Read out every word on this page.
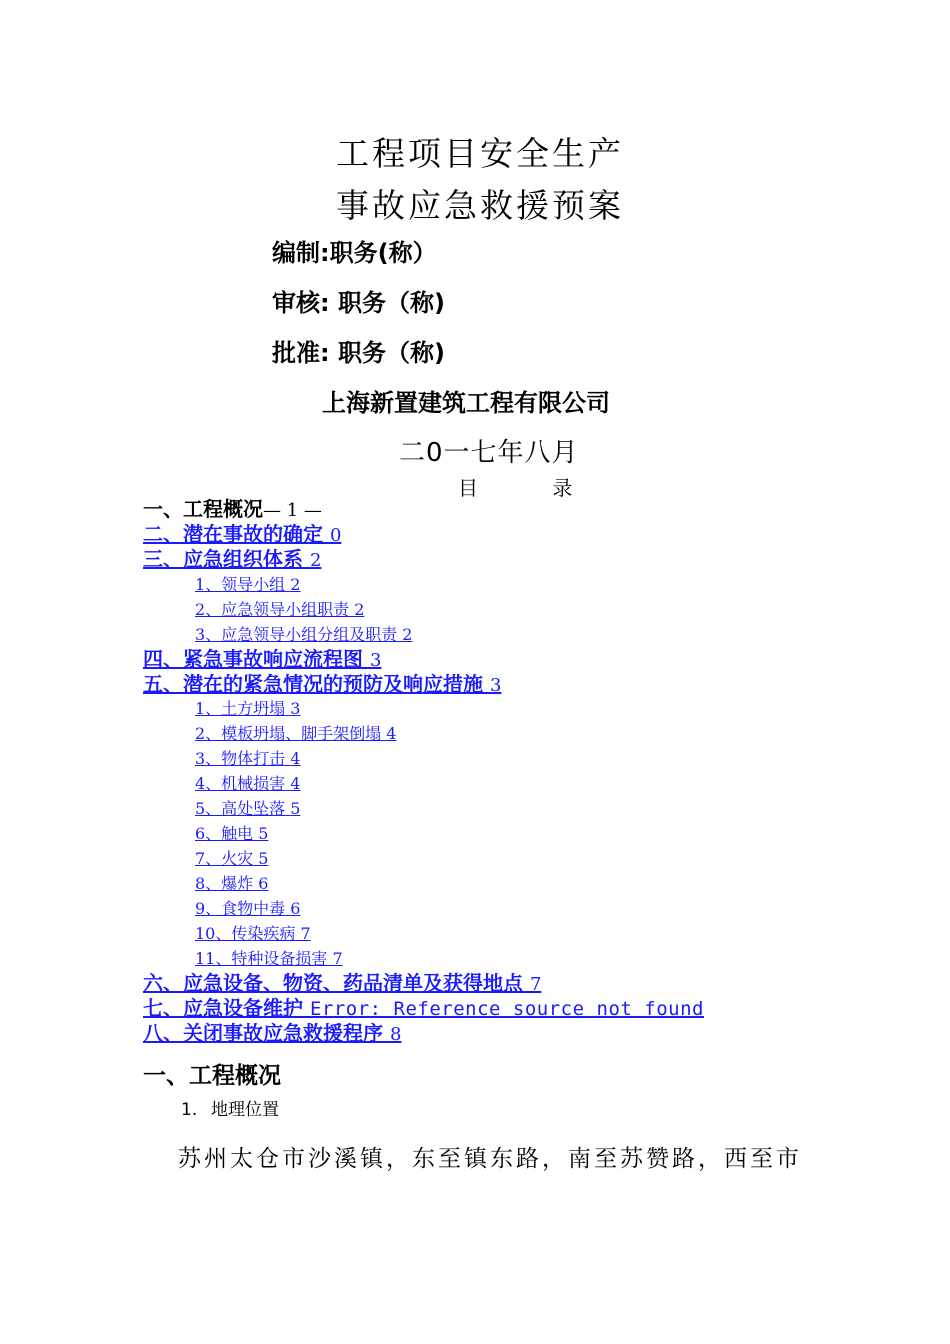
工程项目安全生产
事故应急救援预案
编制:职务(称）
审核: 职务（称)
批准: 职务（称)
上海新置建筑工程有限公司
二0一七年八月
目 录
一、工程概况— 1 —
二、潜在事故的确定 0
三、应急组织体系 2
1、领导小组 2
2、应急领导小组职责 2
3、应急领导小组分组及职责 2
四、紧急事故响应流程图 3
五、潜在的紧急情况的预防及响应措施 3
1、土方坍塌 3
2、模板坍塌、脚手架倒塌 4
3、物体打击 4
4、机械损害 4
5、高处坠落 5
6、触电 5
7、火灾 5
8、爆炸 6
9、食物中毒 6
10、传染疾病 7
11、特种设备损害 7
六、应急设备、物资、药品清单及获得地点 7
七、应急设备维护 Error: Reference source not found
八、关闭事故应急救援程序 8
一、工程概况
1. 地理位置
苏州太仓市沙溪镇，东至镇东路，南至苏赞路，西至市
